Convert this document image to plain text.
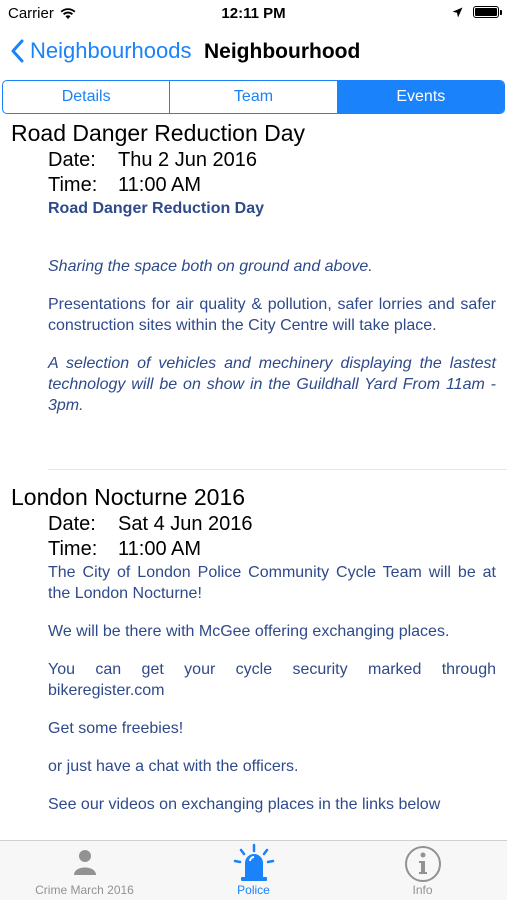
Carrier	12:11 PM
Neighbourhoods Neighbourhood
Details	Team	Events
Road Danger Reduction Day
Date:	Thu 2 Jun 2016
Time:	11:00 AM

Road Danger Reduction Day

Sharing the space both on ground and above.

Presentations for air quality & pollution, safer lorries and safer construction sites within the City Centre will take place.

A selection of vehicles and mechinery displaying the lastest technology will be on show in the Guildhall Yard From 11am - 3pm.

London Nocturne 2016
Date:	Sat 4 Jun 2016
Time:	11:00 AM

The City of London Police Community Cycle Team will be at the London Nocturne!

We will be there with McGee offering exchanging places.

You can get your cycle security marked through bikeregister.com

Get some freebies!

or just have a chat with the officers.

See our videos on exchanging places in the links below

Crime March 2016	Police	Info
